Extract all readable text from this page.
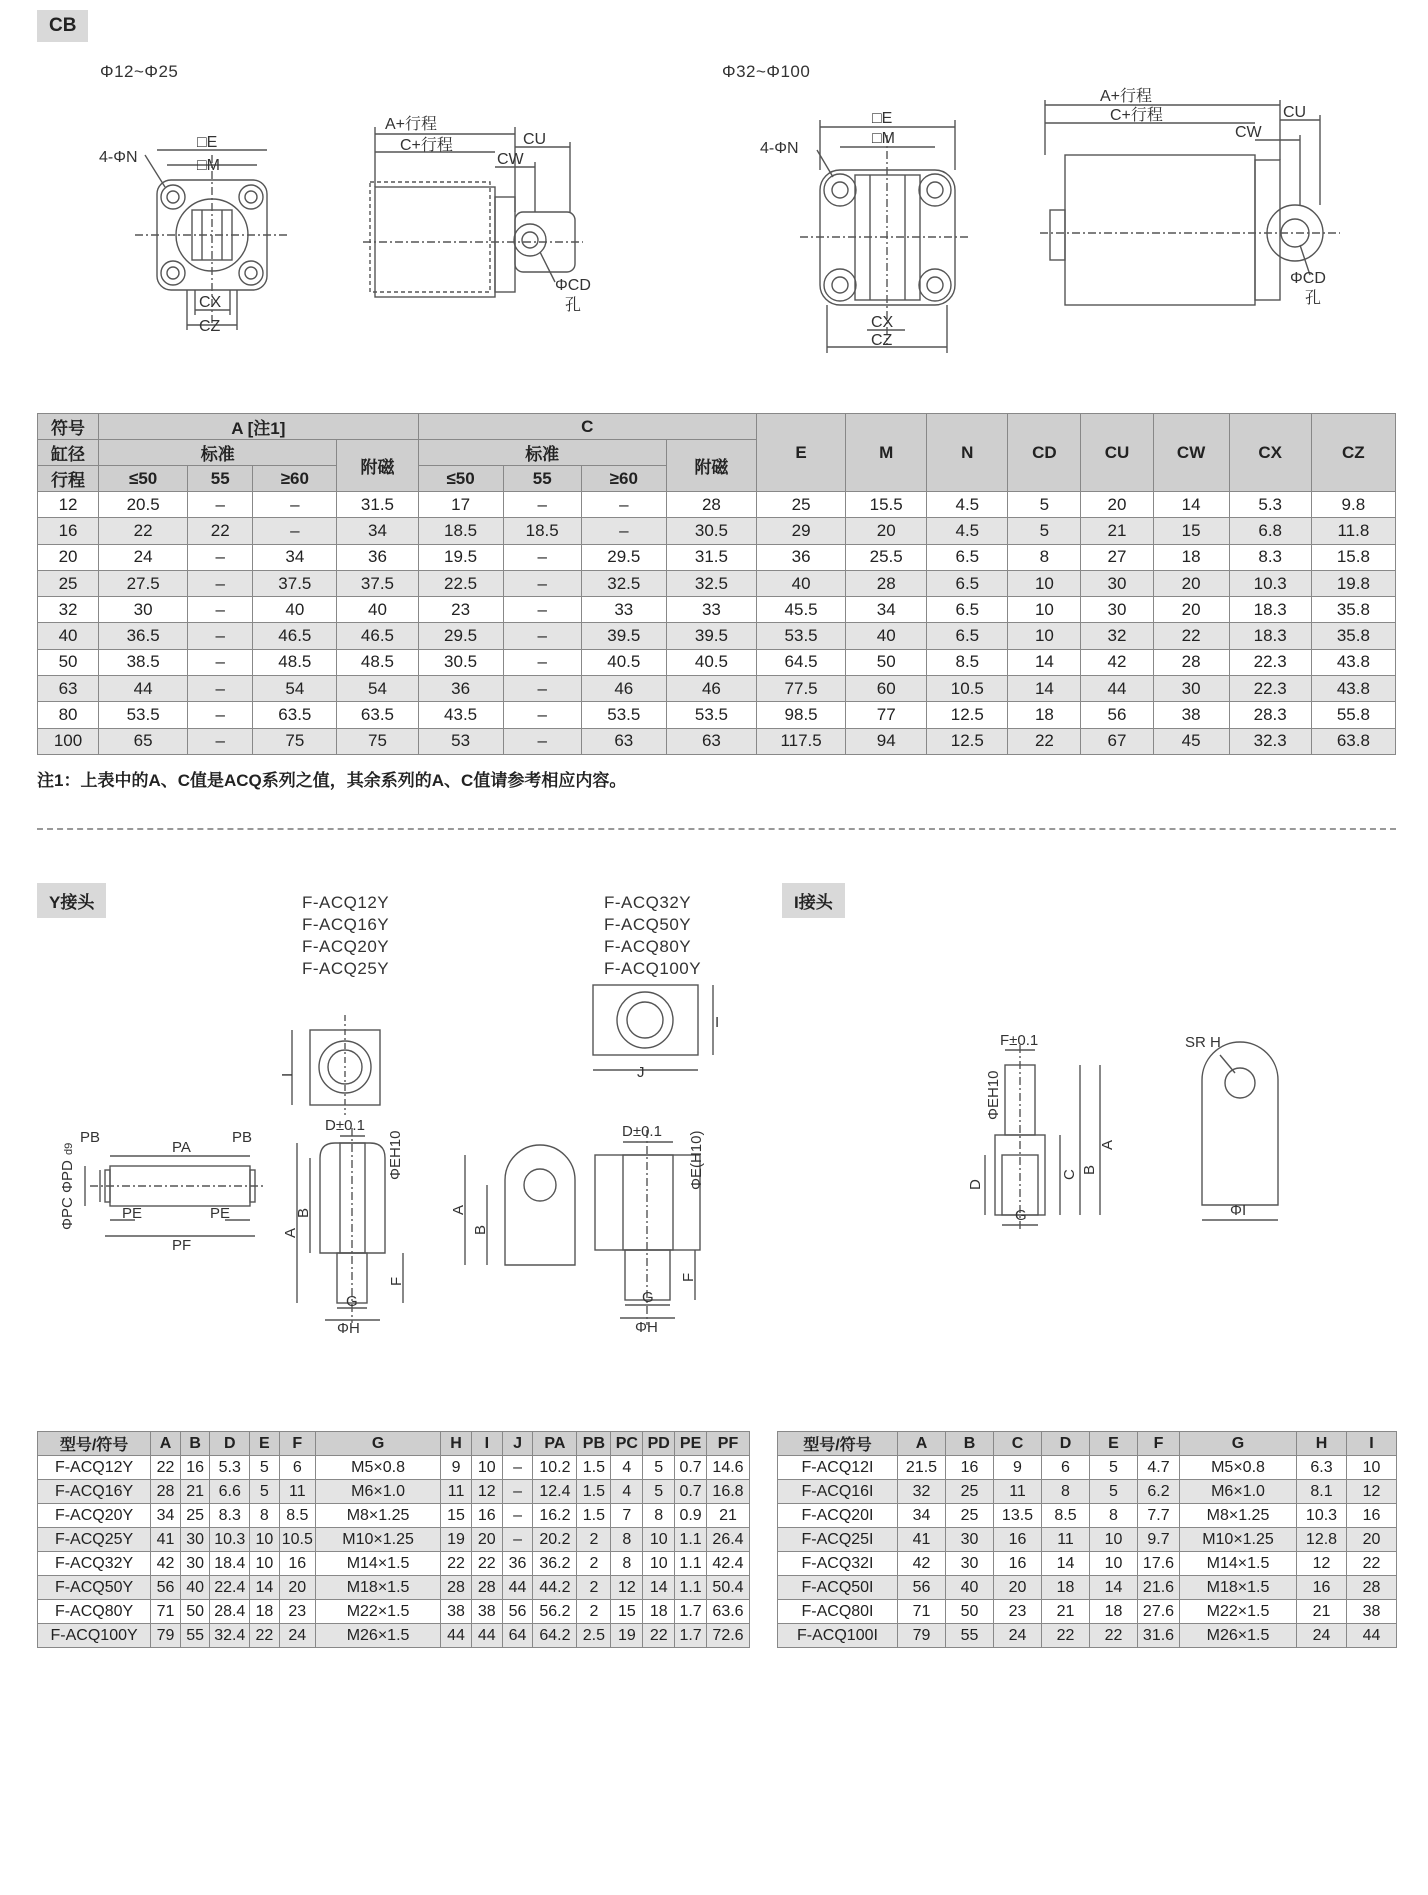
CB
Φ12~Φ25	Φ32~Φ100
□E
□M
4-ΦN
CX
CZ
A+行程
C+行程	CU
CW
ΦCD
孔
□E
□M
4-ΦN
CX
CZ
A+行程
C+行程	CU
CW
ΦCD
孔
符号	A [注1]				C				E	M	N	CD	CU	CW	CX	CZ
缸径	标准			附磁	标准			附磁								
行程	≤50	55	≥60		≤50	55	≥60									
12	20.5	–	–	31.5	17	–	–	28	25	15.5	4.5	5	20	14	5.3	9.8
16	22	22	–	34	18.5	18.5	–	30.5	29	20	4.5	5	21	15	6.8	11.8
20	24	–	34	36	19.5	–	29.5	31.5	36	25.5	6.5	8	27	18	8.3	15.8
25	27.5	–	37.5	37.5	22.5	–	32.5	32.5	40	28	6.5	10	30	20	10.3	19.8
32	30	–	40	40	23	–	33	33	45.5	34	6.5	10	30	20	18.3	35.8
40	36.5	–	46.5	46.5	29.5	–	39.5	39.5	53.5	40	6.5	10	32	22	18.3	35.8
50	38.5	–	48.5	48.5	30.5	–	40.5	40.5	64.5	50	8.5	14	42	28	22.3	43.8
63	44	–	54	54	36	–	46	46	77.5	60	10.5	14	44	30	22.3	43.8
80	53.5	–	63.5	63.5	43.5	–	53.5	53.5	98.5	77	12.5	18	56	38	28.3	55.8
100	65	–	75	75	53	–	63	63	117.5	94	12.5	22	67	45	32.3	63.8
注1：上表中的A、C值是ACQ系列之值，其余系列的A、C值请参考相应内容。
Y接头	I接头
F-ACQ12Y
F-ACQ16Y
F-ACQ20Y
F-ACQ25Y
F-ACQ32Y
F-ACQ50Y
F-ACQ80Y
F-ACQ100Y
I	J
I
PB	PB
PA
PE	PE
PF
ΦPD
d9
ΦPC
D±0.1
ΦEH10
A
B
F
G
ΦH
A
B
D±0.1 ΦE(H10)
F
G
ΦH
F±0.1
ΦEH10
A
B
C
D
G
SR H
ΦI
型号/符号	A	B	D	E	F	G	H	I	J	PA	PB	PC	PD	PE	PF
F-ACQ12Y	22	16	5.3	5	6	M5×0.8	9	10	–	10.2	1.5	4	5	0.7	14.6
F-ACQ16Y	28	21	6.6	5	11	M6×1.0	11	12	–	12.4	1.5	4	5	0.7	16.8
F-ACQ20Y	34	25	8.3	8	8.5	M8×1.25	15	16	–	16.2	1.5	7	8	0.9	21
F-ACQ25Y	41	30	10.3	10	10.5	M10×1.25	19	20	–	20.2	2	8	10	1.1	26.4
F-ACQ32Y	42	30	18.4	10	16	M14×1.5	22	22	36	36.2	2	8	10	1.1	42.4
F-ACQ50Y	56	40	22.4	14	20	M18×1.5	28	28	44	44.2	2	12	14	1.1	50.4
F-ACQ80Y	71	50	28.4	18	23	M22×1.5	38	38	56	56.2	2	15	18	1.7	63.6
F-ACQ100Y	79	55	32.4	22	24	M26×1.5	44	44	64	64.2	2.5	19	22	1.7	72.6
型号/符号	A	B	C	D	E	F	G	H	I
F-ACQ12I	21.5	16	9	6	5	4.7	M5×0.8	6.3	10
F-ACQ16I	32	25	11	8	5	6.2	M6×1.0	8.1	12
F-ACQ20I	34	25	13.5	8.5	8	7.7	M8×1.25	10.3	16
F-ACQ25I	41	30	16	11	10	9.7	M10×1.25	12.8	20
F-ACQ32I	42	30	16	14	10	17.6	M14×1.5	12	22
F-ACQ50I	56	40	20	18	14	21.6	M18×1.5	16	28
F-ACQ80I	71	50	23	21	18	27.6	M22×1.5	21	38
F-ACQ100I	79	55	24	22	22	31.6	M26×1.5	24	44
